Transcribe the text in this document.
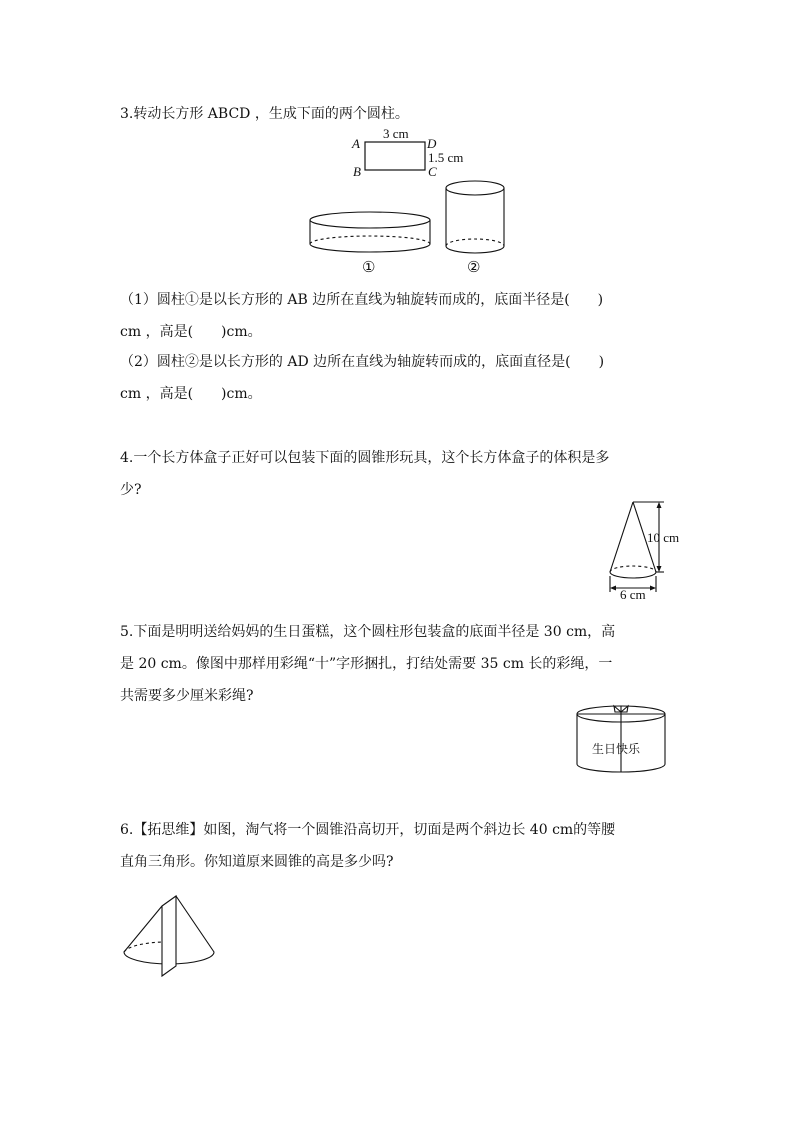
3.转动长方形 ABCD ，生成下面的两个圆柱。
A
B	C
D
3 cm
1.5 cm
①	②
（1）圆柱①是以长方形的 AB 边所在直线为轴旋转而成的，底面半径是(　　)
cm ，高是(　　)cm。
（2）圆柱②是以长方形的 AD 边所在直线为轴旋转而成的，底面直径是(　　)
cm ，高是(　　)cm。
4.一个长方体盒子正好可以包装下面的圆锥形玩具，这个长方体盒子的体积是多
少?
10 cm
6 cm
5.下面是明明送给妈妈的生日蛋糕，这个圆柱形包装盒的底面半径是 30 cm，高
是 20 cm。像图中那样用彩绳“十”字形捆扎，打结处需要 35 cm 长的彩绳，一
共需要多少厘米彩绳?
生日快乐
6.【拓思维】如图，淘气将一个圆锥沿高切开，切面是两个斜边长 40 cm的等腰
直角三角形。你知道原来圆锥的高是多少吗?
